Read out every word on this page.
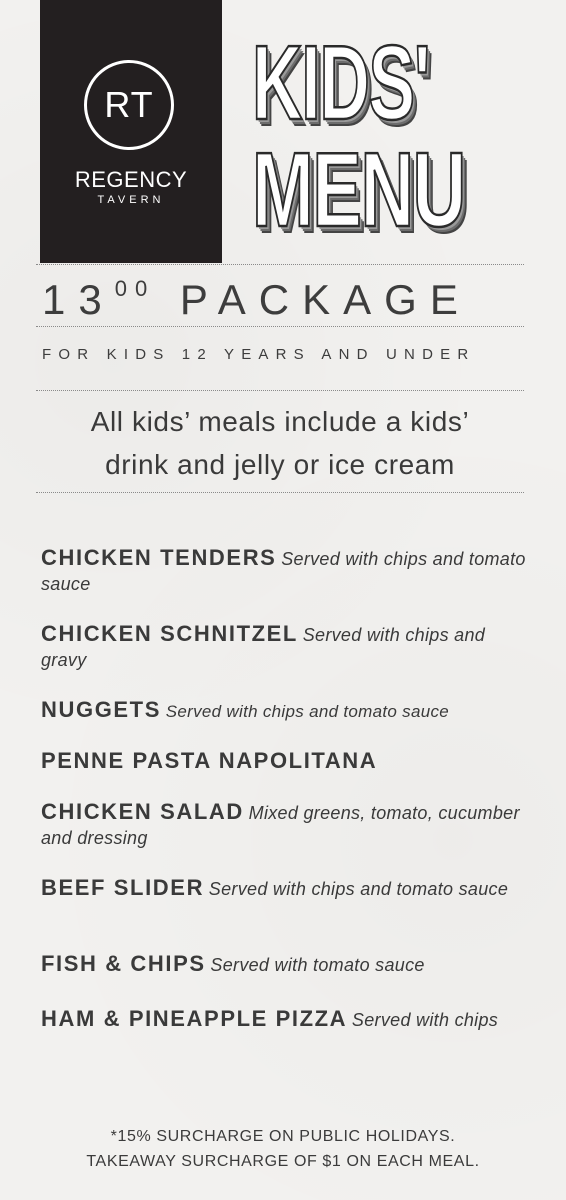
RT
REGENCY
TAVERN
KIDS'
MENU
$13^{00}$ PACKAGE
FOR KIDS 12 YEARS AND UNDER
All kids’ meals include a kids’
drink and jelly or ice cream
CHICKEN TENDERS Served with chips and tomato sauce
CHICKEN SCHNITZEL Served with chips and gravy
NUGGETS Served with chips and tomato sauce
PENNE PASTA NAPOLITANA
CHICKEN SALAD Mixed greens, tomato, cucumber and dressing
BEEF SLIDER Served with chips and tomato sauce
FISH & CHIPS Served with tomato sauce
HAM & PINEAPPLE PIZZA Served with chips
*15% SURCHARGE ON PUBLIC HOLIDAYS.
TAKEAWAY SURCHARGE OF $1 ON EACH MEAL.
